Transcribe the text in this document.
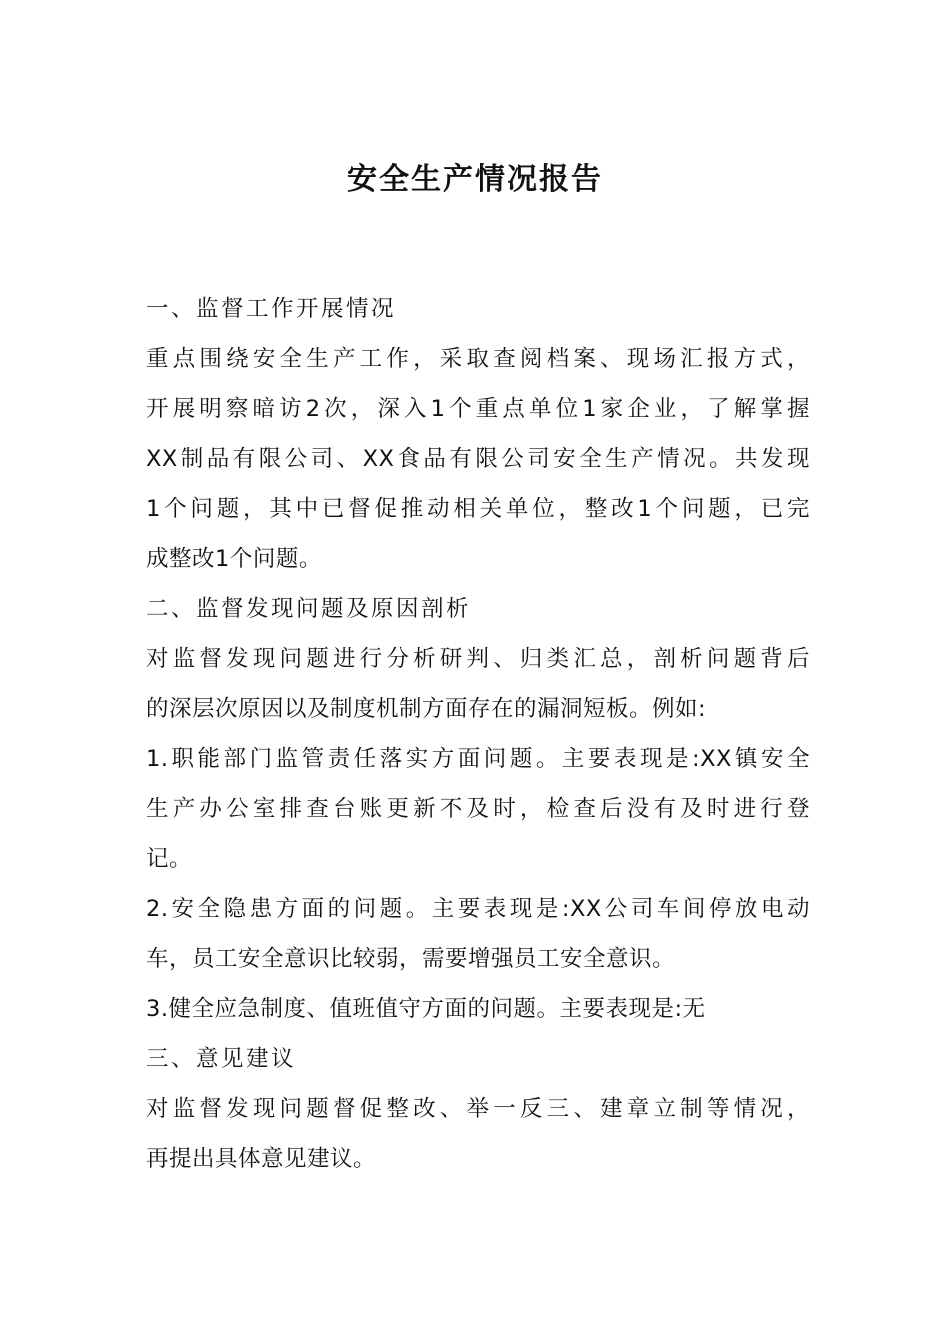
安全生产情况报告
一、监督工作开展情况
重点围绕安全生产工作，采取查阅档案、现场汇报方式，
开展明察暗访2次，深入1个重点单位1家企业，了解掌握
XX制品有限公司、XX食品有限公司安全生产情况。共发现
1个问题，其中已督促推动相关单位，整改1个问题，已完
成整改1个问题。
二、监督发现问题及原因剖析
对监督发现问题进行分析研判、归类汇总，剖析问题背后
的深层次原因以及制度机制方面存在的漏洞短板。例如:
1.职能部门监管责任落实方面问题。主要表现是:XX镇安全
生产办公室排查台账更新不及时，检查后没有及时进行登
记。
2.安全隐患方面的问题。主要表现是:XX公司车间停放电动
车，员工安全意识比较弱，需要增强员工安全意识。
3.健全应急制度、值班值守方面的问题。主要表现是:无
三、意见建议
对监督发现问题督促整改、举一反三、建章立制等情况，
再提出具体意见建议。
